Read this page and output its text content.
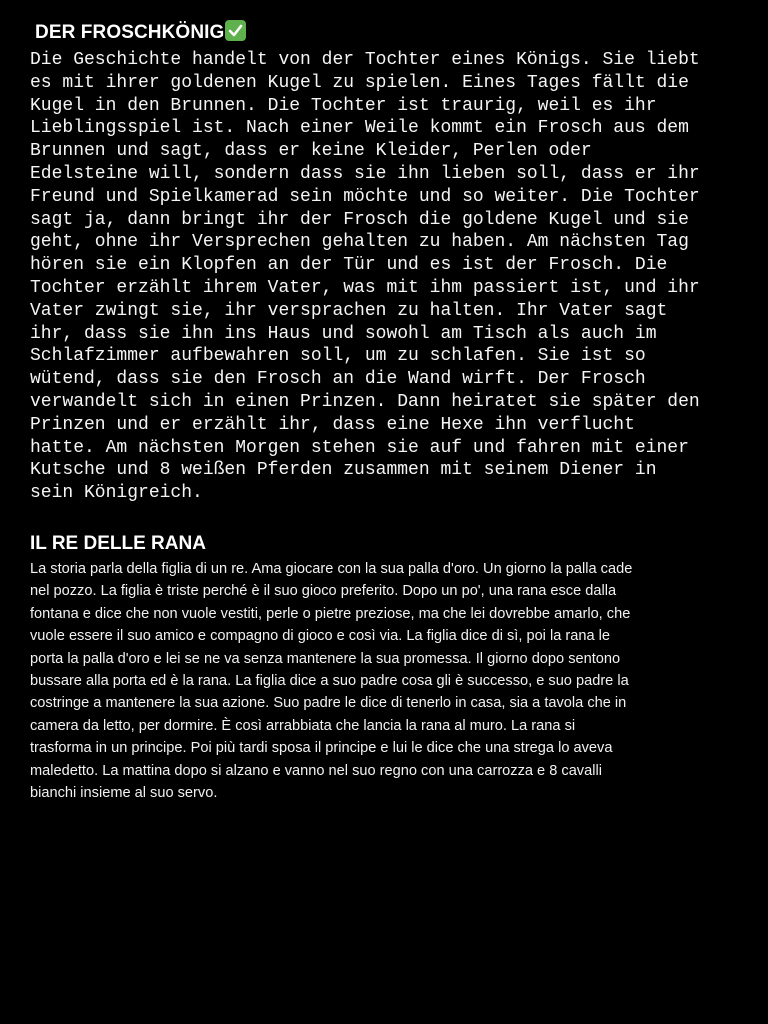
DER FROSCHKÖNIG
Die Geschichte handelt von der Tochter eines Königs. Sie liebt
es mit ihrer goldenen Kugel zu spielen. Eines Tages fällt die
Kugel in den Brunnen. Die Tochter ist traurig, weil es ihr
Lieblingsspiel ist. Nach einer Weile kommt ein Frosch aus dem
Brunnen und sagt, dass er keine Kleider, Perlen oder
Edelsteine will, sondern dass sie ihn lieben soll, dass er ihr
Freund und Spielkamerad sein möchte und so weiter. Die Tochter
sagt ja, dann bringt ihr der Frosch die goldene Kugel und sie
geht, ohne ihr Versprechen gehalten zu haben. Am nächsten Tag
hören sie ein Klopfen an der Tür und es ist der Frosch. Die
Tochter erzählt ihrem Vater, was mit ihm passiert ist, und ihr
Vater zwingt sie, ihr versprachen zu halten. Ihr Vater sagt
ihr, dass sie ihn ins Haus und sowohl am Tisch als auch im
Schlafzimmer aufbewahren soll, um zu schlafen. Sie ist so
wütend, dass sie den Frosch an die Wand wirft. Der Frosch
verwandelt sich in einen Prinzen. Dann heiratet sie später den
Prinzen und er erzählt ihr, dass eine Hexe ihn verflucht
hatte. Am nächsten Morgen stehen sie auf und fahren mit einer
Kutsche und 8 weißen Pferden zusammen mit seinem Diener in
sein Königreich.
IL RE DELLE RANA
La storia parla della figlia di un re. Ama giocare con la sua palla d'oro. Un giorno la palla cade
nel pozzo. La figlia è triste perché è il suo gioco preferito. Dopo un po', una rana esce dalla
fontana e dice che non vuole vestiti, perle o pietre preziose, ma che lei dovrebbe amarlo, che
vuole essere il suo amico e compagno di gioco e così via. La figlia dice di sì, poi la rana le
porta la palla d'oro e lei se ne va senza mantenere la sua promessa. Il giorno dopo sentono
bussare alla porta ed è la rana. La figlia dice a suo padre cosa gli è successo, e suo padre la
costringe a mantenere la sua azione. Suo padre le dice di tenerlo in casa, sia a tavola che in
camera da letto, per dormire. È così arrabbiata che lancia la rana al muro. La rana si
trasforma in un principe. Poi più tardi sposa il principe e lui le dice che una strega lo aveva
maledetto. La mattina dopo si alzano e vanno nel suo regno con una carrozza e 8 cavalli
bianchi insieme al suo servo.
